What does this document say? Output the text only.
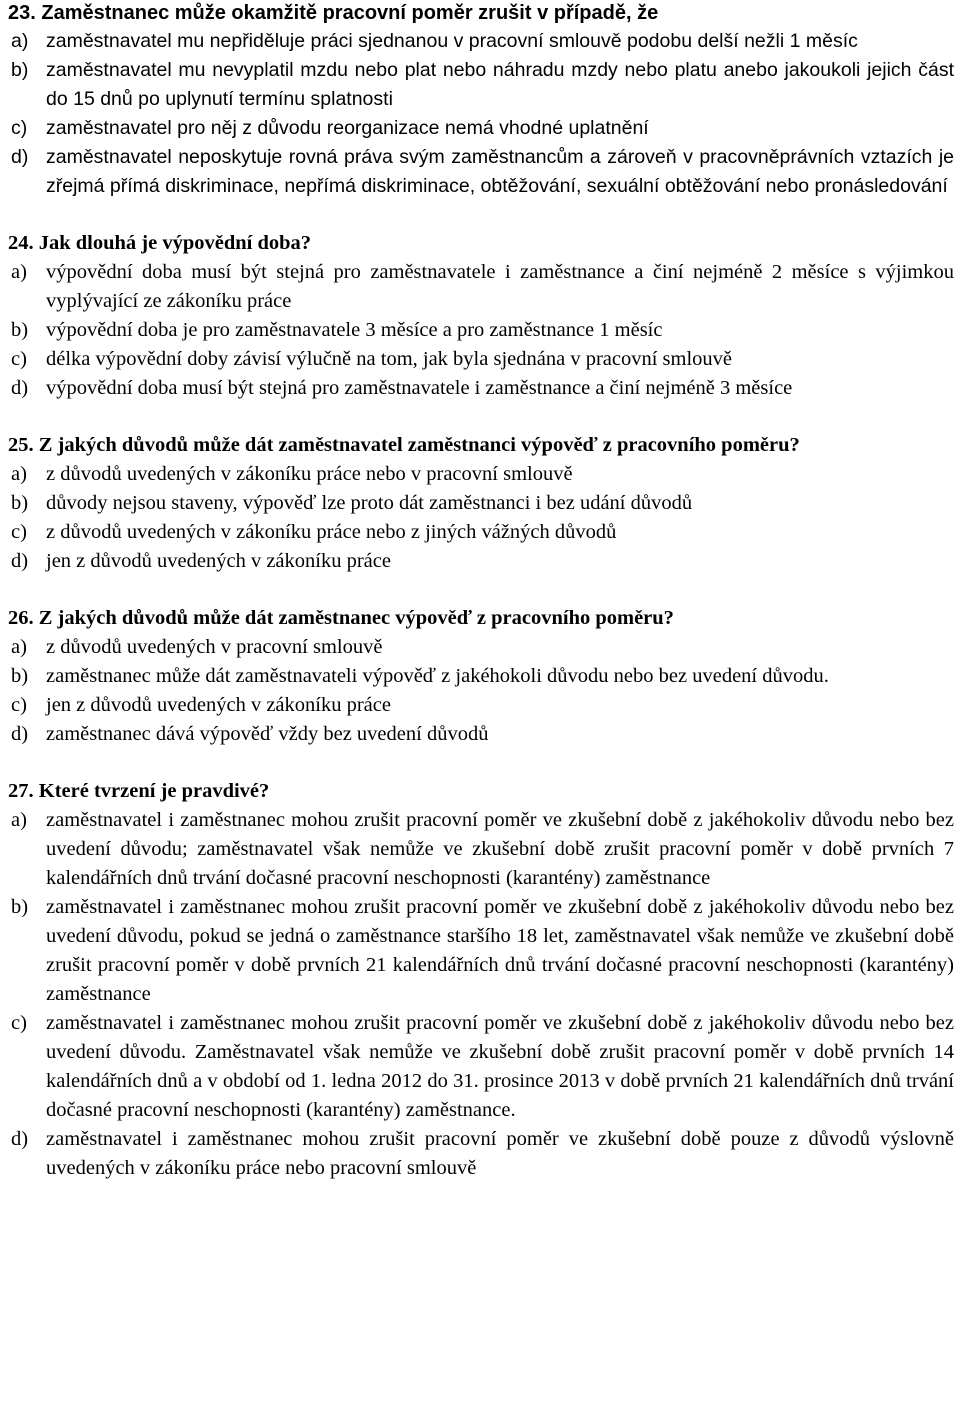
23. Zaměstnanec může okamžitě pracovní poměr zrušit v případě, že

a) zaměstnavatel mu nepřiděluje práci sjednanou v pracovní smlouvě podobu delší nežli 1 měsíc
b) zaměstnavatel mu nevyplatil mzdu nebo plat nebo náhradu mzdy nebo platu anebo jakoukoli jejich část do 15 dnů po uplynutí termínu splatnosti
c) zaměstnavatel pro něj z důvodu reorganizace nemá vhodné uplatnění
d) zaměstnavatel neposkytuje rovná práva svým zaměstnancům a zároveň v pracovněprávních vztazích je zřejmá přímá diskriminace, nepřímá diskriminace, obtěžování, sexuální obtěžování nebo pronásledování

24. Jak dlouhá je výpovědní doba?

a) výpovědní doba musí být stejná pro zaměstnavatele i zaměstnance a činí nejméně 2 měsíce s výjimkou vyplývající ze zákoníku práce
b) výpovědní doba je pro zaměstnavatele 3 měsíce a pro zaměstnance 1 měsíc
c) délka výpovědní doby závisí výlučně na tom, jak byla sjednána v pracovní smlouvě
d) výpovědní doba musí být stejná pro zaměstnavatele i zaměstnance a činí nejméně 3 měsíce

25. Z jakých důvodů může dát zaměstnavatel zaměstnanci výpověď z pracovního poměru?

a) z důvodů uvedených v zákoníku práce nebo v pracovní smlouvě
b) důvody nejsou staveny, výpověď lze proto dát zaměstnanci i bez udání důvodů
c) z důvodů uvedených v zákoníku práce nebo z jiných vážných důvodů
d) jen z důvodů uvedených v zákoníku práce

26. Z jakých důvodů může dát zaměstnanec výpověď z pracovního poměru?

a) z důvodů uvedených v pracovní smlouvě
b) zaměstnanec může dát zaměstnavateli výpověď z jakéhokoli důvodu nebo bez uvedení důvodu.
c) jen z důvodů uvedených v zákoníku práce
d) zaměstnanec dává výpověď vždy bez uvedení důvodů

27. Které tvrzení je pravdivé?

a) zaměstnavatel i zaměstnanec mohou zrušit pracovní poměr ve zkušební době z jakéhokoliv důvodu nebo bez uvedení důvodu; zaměstnavatel však nemůže ve zkušební době zrušit pracovní poměr v době prvních 7 kalendářních dnů trvání dočasné pracovní neschopnosti (karantény) zaměstnance
b) zaměstnavatel i zaměstnanec mohou zrušit pracovní poměr ve zkušební době z jakéhokoliv důvodu nebo bez uvedení důvodu, pokud se jedná o zaměstnance staršího 18 let, zaměstnavatel však nemůže ve zkušební době zrušit pracovní poměr v době prvních 21 kalendářních dnů trvání dočasné pracovní neschopnosti (karantény) zaměstnance
c) zaměstnavatel i zaměstnanec mohou zrušit pracovní poměr ve zkušební době z jakéhokoliv důvodu nebo bez uvedení důvodu. Zaměstnavatel však nemůže ve zkušební době zrušit pracovní poměr v době prvních 14 kalendářních dnů a v období od 1. ledna 2012 do 31. prosince 2013 v době prvních 21 kalendářních dnů trvání dočasné pracovní neschopnosti (karantény) zaměstnance.
d) zaměstnavatel i zaměstnanec mohou zrušit pracovní poměr ve zkušební době pouze z důvodů výslovně uvedených v zákoníku práce nebo pracovní smlouvě
